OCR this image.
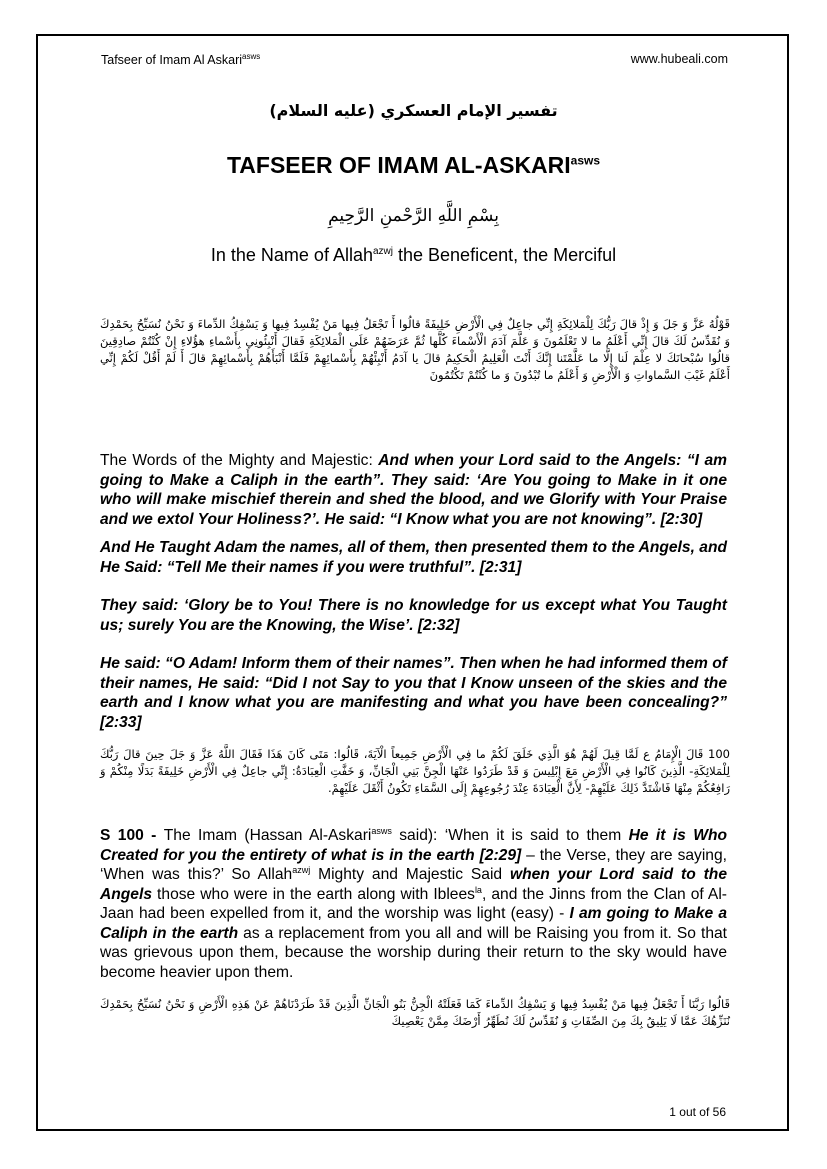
Tafseer of Imam Al Askari$^{asws}$	www.hubeali.com
تفسير الإمام العسكري (عليه السلام)
TAFSEER OF IMAM $AL-ASKARI^{asws}$
بِسْمِ اللَّهِ الرَّحْمنِ الرَّحِيمِ
In the Name of Allah$^{azwj}$ the Beneficent, the Merciful
قَوْلُهُ عَزَّ وَ جَلَ وَ إِذْ قالَ رَبُّكَ لِلْمَلائِكَةِ إِنِّي جاعِلٌ فِي الْأَرْضِ خَلِيفَةً قالُوا أَ تَجْعَلُ فِيها مَنْ يُفْسِدُ فِيها وَ يَسْفِكُ الدِّماءَ وَ نَحْنُ نُسَبِّحُ بِحَمْدِكَ وَ نُقَدِّسُ لَكَ قالَ إِنِّي أَعْلَمُ ما لا تَعْلَمُونَ وَ عَلَّمَ آدَمَ الْأَسْماءَ كُلَّها ثُمَّ عَرَضَهُمْ عَلَى الْمَلائِكَةِ فَقالَ أَنْبِئُونِي بِأَسْماءِ هؤُلاءِ إِنْ كُنْتُمْ صادِقِينَ قالُوا سُبْحانَكَ لا عِلْمَ لَنا إِلَّا ما عَلَّمْتَنا إِنَّكَ أَنْتَ الْعَلِيمُ الْحَكِيمُ قالَ يا آدَمُ أَنْبِئْهُمْ بِأَسْمائِهِمْ فَلَمَّا أَنْبَأَهُمْ بِأَسْمائِهِمْ قالَ أَ لَمْ أَقُلْ لَكُمْ إِنِّي أَعْلَمُ غَيْبَ السَّماواتِ وَ الْأَرْضِ وَ أَعْلَمُ ما تُبْدُونَ وَ ما كُنْتُمْ تَكْتُمُونَ
The Words of the Mighty and Majestic: And when your Lord said to the Angels: “I am going to Make a Caliph in the earth”. They said: ‘Are You going to Make in it one who will make mischief therein and shed the blood, and we Glorify with Your Praise and we extol Your Holiness?’. He said: “I Know what you are not knowing”. [2:30]
And He Taught Adam the names, all of them, then presented them to the Angels, and He Said: “Tell Me their names if you were truthful”. [2:31]
They said: ‘Glory be to You! There is no knowledge for us except what You Taught us; surely You are the Knowing, the Wise’. [2:32]
He said: “O Adam! Inform them of their names”. Then when he had informed them of their names, He said: “Did I not Say to you that I Know unseen of the skies and the earth and I know what you are manifesting and what you have been concealing?” [2:33]
100 قَالَ الْإِمَامُ ع لَمَّا قِيلَ لَهُمْ هُوَ الَّذِي خَلَقَ لَكُمْ ما فِي الْأَرْضِ جَمِيعاً الْآيَةَ، قَالُوا: مَتَى كَانَ هَذَا فَقَالَ اللَّهُ عَزَّ وَ جَلَ حِينَ قالَ رَبُّكَ لِلْمَلائِكَةِ- الَّذِينَ كَانُوا فِي الْأَرْضِ مَعَ إِبْلِيسَ وَ قَدْ طَرَدُوا عَنْهَا الْجِنَّ بَنِي الْجَانِّ، وَ خَفَّتِ الْعِبَادَةُ: إِنِّي جاعِلٌ فِي الْأَرْضِ خَلِيفَةً بَدَلًا مِنْكُمْ وَ رَافِعُكُمْ مِنْهَا فَاشْتَدَّ ذَلِكَ عَلَيْهِمْ- لِأَنَّ الْعِبَادَةَ عِنْدَ رُجُوعِهِمْ إِلَى السَّمَاءِ تَكُونُ أَثْقَلَ عَلَيْهِمْ.
S 100 - The Imam (Hassan Al-Askari$^{asws}$ said): ‘When it is said to them He it is Who Created for you the entirety of what is in the earth [2:29] – the Verse, they are saying, ‘When was this?’ So Allah$^{azwj}$ Mighty and Majestic Said when your Lord said to the Angels those who were in the earth along with Iblees$^{la}$, and the Jinns from the Clan of Al-Jaan had been expelled from it, and the worship was light (easy) - I am going to Make a Caliph in the earth as a replacement from you all and will be Raising you from it. So that was grievous upon them, because the worship during their return to the sky would have become heavier upon them.
قَالُوا رَبَّنَا أَ تَجْعَلُ فِيها مَنْ يُفْسِدُ فِيها وَ يَسْفِكُ الدِّماءَ كَمَا فَعَلَتْهُ الْجِنُّ بَنُو الْجَانِّ الَّذِينَ قَدْ طَرَدْنَاهُمْ عَنْ هَذِهِ الْأَرْضِ وَ نَحْنُ نُسَبِّحُ بِحَمْدِكَ نُنَزِّهُكَ عَمَّا لَا يَلِيقُ بِكَ مِنَ الصِّفَاتِ وَ نُقَدِّسُ لَكَ نُطَهِّرُ أَرْضَكَ مِمَّنْ يَعْصِيكَ
1 out of 56
